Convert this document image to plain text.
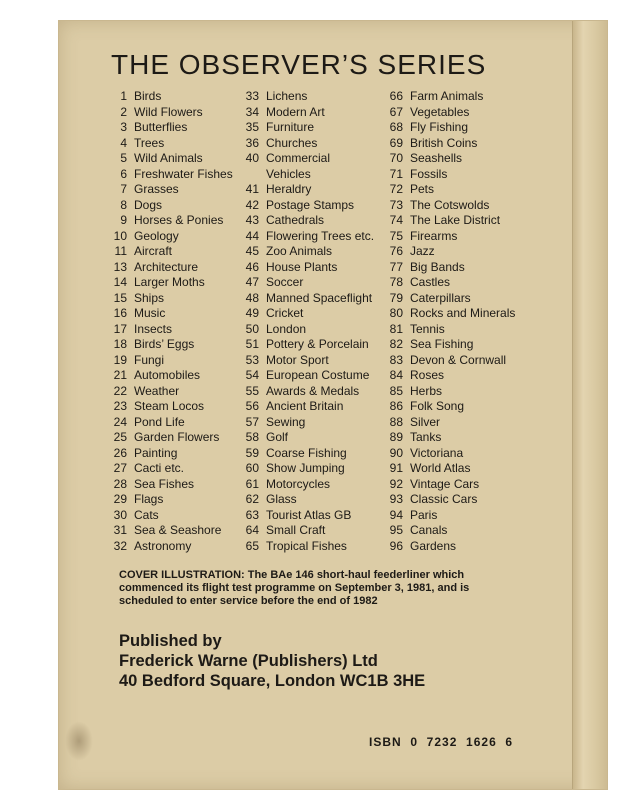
THE OBSERVER’S SERIES
1 Birds
2 Wild Flowers
3 Butterflies
4 Trees
5 Wild Animals
6 Freshwater Fishes
7 Grasses
8 Dogs
9 Horses & Ponies
10 Geology
11 Aircraft
13 Architecture
14 Larger Moths
15 Ships
16 Music
17 Insects
18 Birds’ Eggs
19 Fungi
21 Automobiles
22 Weather
23 Steam Locos
24 Pond Life
25 Garden Flowers
26 Painting
27 Cacti etc.
28 Sea Fishes
29 Flags
30 Cats
31 Sea & Seashore
32 Astronomy
33 Lichens
34 Modern Art
35 Furniture
36 Churches
40 Commercial
Vehicles
41 Heraldry
42 Postage Stamps
43 Cathedrals
44 Flowering Trees etc.
45 Zoo Animals
46 House Plants
47 Soccer
48 Manned Spaceflight
49 Cricket
50 London
51 Pottery & Porcelain
53 Motor Sport
54 European Costume
55 Awards & Medals
56 Ancient Britain
57 Sewing
58 Golf
59 Coarse Fishing
60 Show Jumping
61 Motorcycles
62 Glass
63 Tourist Atlas GB
64 Small Craft
65 Tropical Fishes
66 Farm Animals
67 Vegetables
68 Fly Fishing
69 British Coins
70 Seashells
71 Fossils
72 Pets
73 The Cotswolds
74 The Lake District
75 Firearms
76 Jazz
77 Big Bands
78 Castles
79 Caterpillars
80 Rocks and Minerals
81 Tennis
82 Sea Fishing
83 Devon & Cornwall
84 Roses
85 Herbs
86 Folk Song
88 Silver
89 Tanks
90 Victoriana
91 World Atlas
92 Vintage Cars
93 Classic Cars
94 Paris
95 Canals
96 Gardens
COVER ILLUSTRATION: The BAe 146 short-haul feederliner which
commenced its flight test programme on September 3, 1981, and is
scheduled to enter service before the end of 1982
Published by
Frederick Warne (Publishers) Ltd
40 Bedford Square, London WC1B 3HE
ISBN  0  7232  1626  6
